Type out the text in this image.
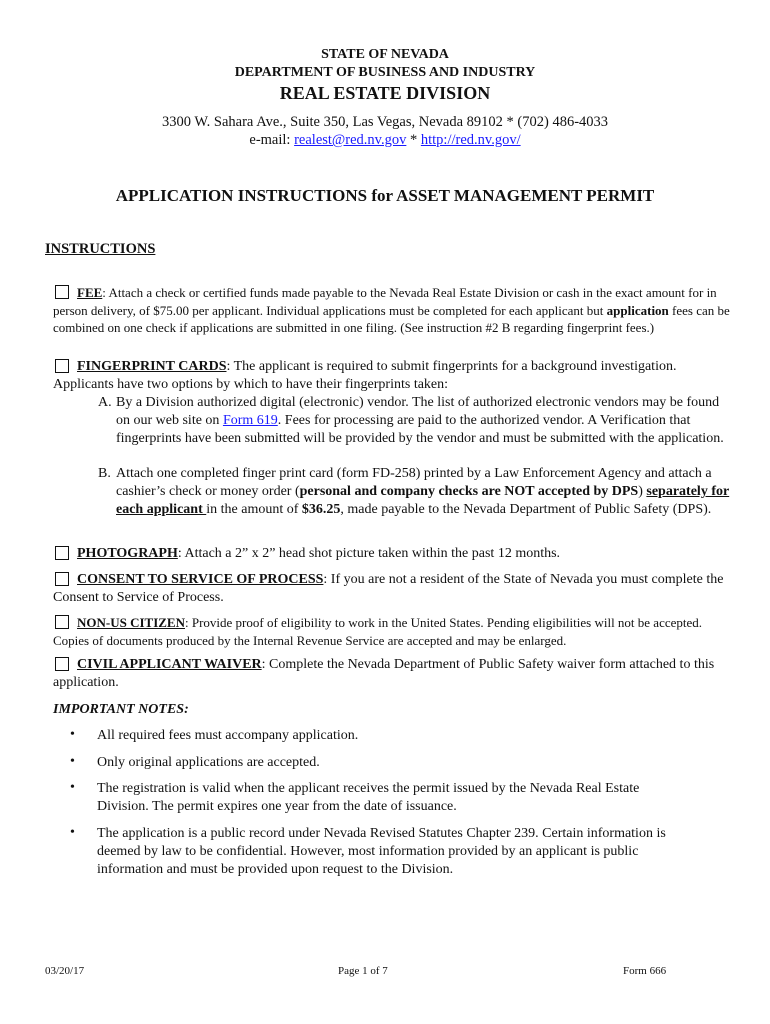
STATE OF NEVADA
DEPARTMENT OF BUSINESS AND INDUSTRY
REAL ESTATE DIVISION
3300 W. Sahara Ave., Suite 350, Las Vegas, Nevada 89102 * (702) 486-4033
e-mail: realest@red.nv.gov * http://red.nv.gov/
APPLICATION INSTRUCTIONS for ASSET MANAGEMENT PERMIT
INSTRUCTIONS
FEE: Attach a check or certified funds made payable to the Nevada Real Estate Division or cash in the exact amount for in person delivery, of $75.00 per applicant. Individual applications must be completed for each applicant but application fees can be combined on one check if applications are submitted in one filing. (See instruction #2 B regarding fingerprint fees.)
FINGERPRINT CARDS: The applicant is required to submit fingerprints for a background investigation. Applicants have two options by which to have their fingerprints taken:
A. By a Division authorized digital (electronic) vendor. The list of authorized electronic vendors may be found on our web site on Form 619. Fees for processing are paid to the authorized vendor. A Verification that fingerprints have been submitted will be provided by the vendor and must be submitted with the application.
B. Attach one completed finger print card (form FD-258) printed by a Law Enforcement Agency and attach a cashier’s check or money order (personal and company checks are NOT accepted by DPS) separately for each applicant in the amount of $36.25, made payable to the Nevada Department of Public Safety (DPS).
PHOTOGRAPH: Attach a 2” x 2” head shot picture taken within the past 12 months.
CONSENT TO SERVICE OF PROCESS: If you are not a resident of the State of Nevada you must complete the Consent to Service of Process.
NON-US CITIZEN: Provide proof of eligibility to work in the United States. Pending eligibilities will not be accepted. Copies of documents produced by the Internal Revenue Service are accepted and may be enlarged.
CIVIL APPLICANT WAIVER: Complete the Nevada Department of Public Safety waiver form attached to this application.
IMPORTANT NOTES:
•	All required fees must accompany application.
•	Only original applications are accepted.
•	The registration is valid when the applicant receives the permit issued by the Nevada Real Estate Division. The permit expires one year from the date of issuance.
•	The application is a public record under Nevada Revised Statutes Chapter 239. Certain information is deemed by law to be confidential. However, most information provided by an applicant is public information and must be provided upon request to the Division.
03/20/17	Page 1 of 7	Form 666
